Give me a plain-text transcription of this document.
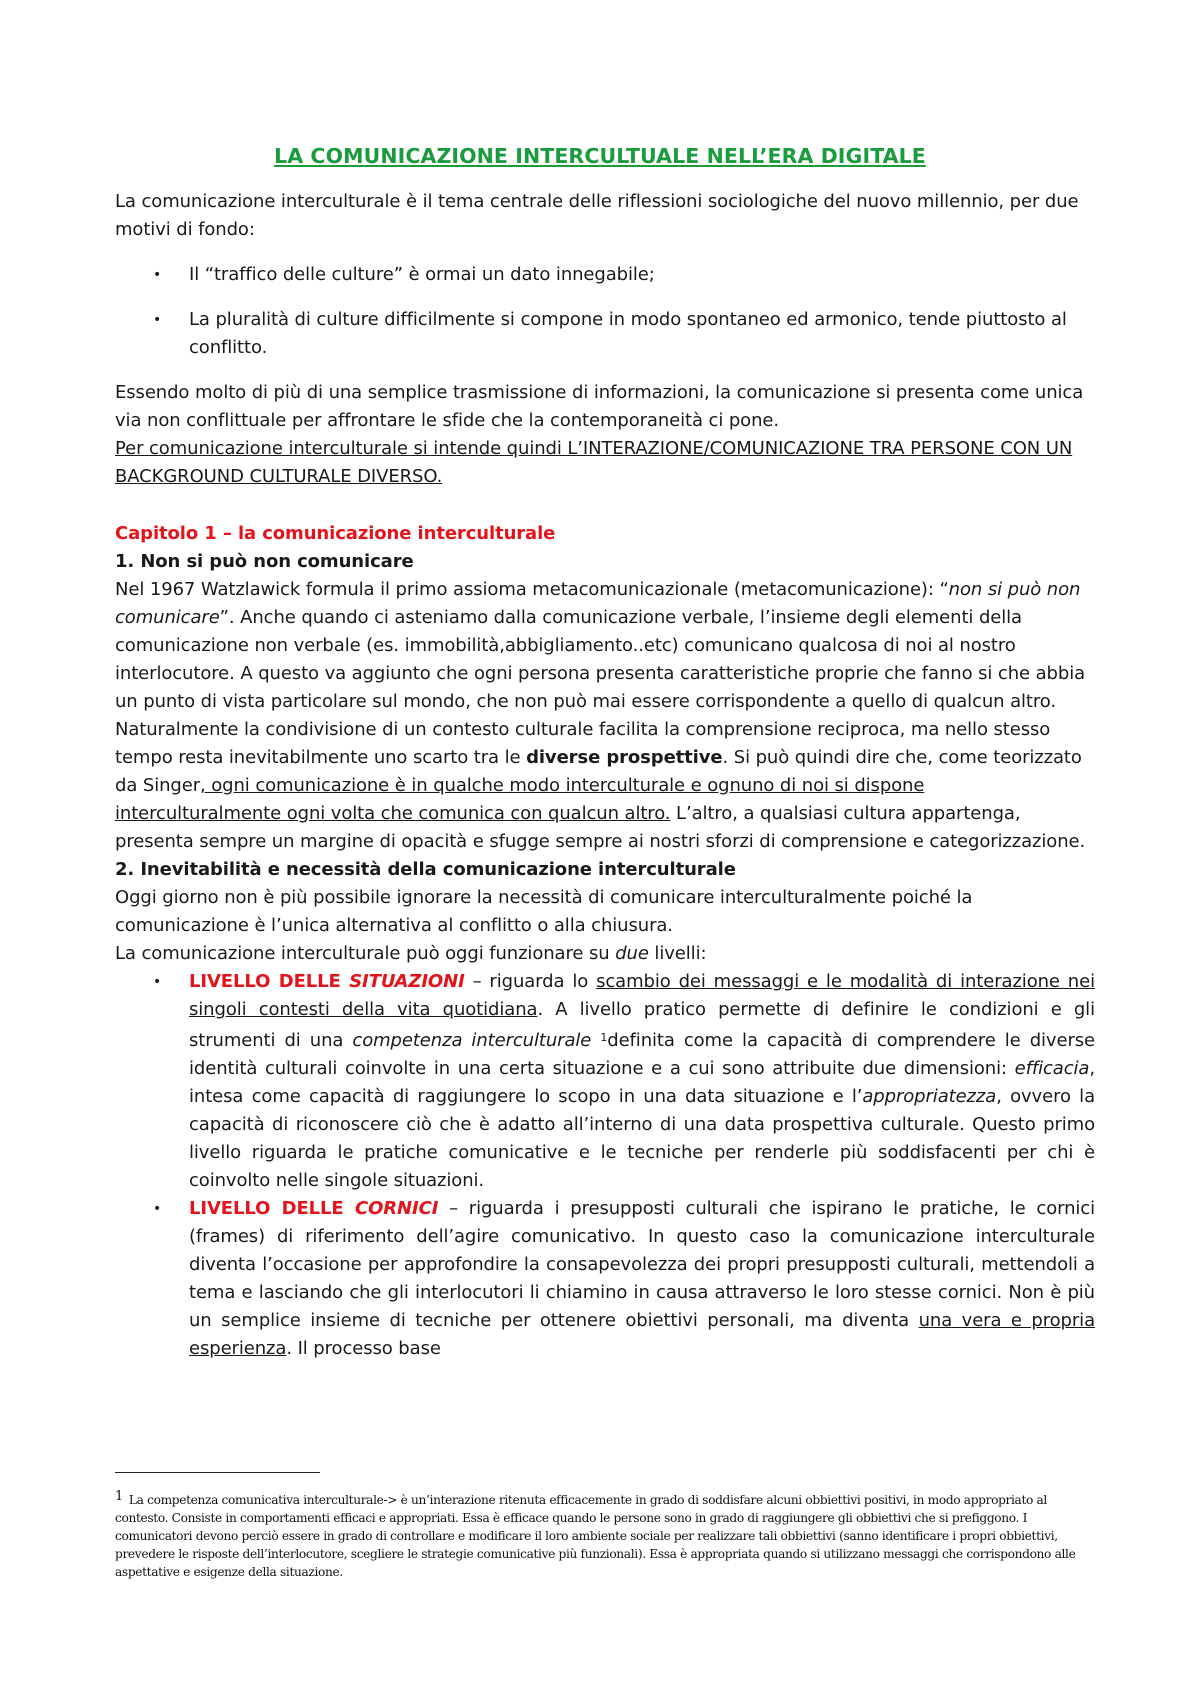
LA COMUNICAZIONE INTERCULTUALE NELL’ERA DIGITALE

La comunicazione interculturale è il tema centrale delle riflessioni sociologiche del nuovo millennio, per due motivi di fondo:

• Il “traffico delle culture” è ormai un dato innegabile;
• La pluralità di culture difficilmente si compone in modo spontaneo ed armonico, tende piuttosto al conflitto.

Essendo molto di più di una semplice trasmissione di informazioni, la comunicazione si presenta come unica via non conflittuale per affrontare le sfide che la contemporaneità ci pone.
Per comunicazione interculturale si intende quindi L’INTERAZIONE/COMUNICAZIONE TRA PERSONE CON UN BACKGROUND CULTURALE DIVERSO.

Capitolo 1 – la comunicazione interculturale

1. Non si può non comunicare

Nel 1967 Watzlawick formula il primo assioma metacomunicazionale (metacomunicazione): “non si può non comunicare”. Anche quando ci asteniamo dalla comunicazione verbale, l’insieme degli elementi della comunicazione non verbale (es. immobilità,abbigliamento..etc) comunicano qualcosa di noi al nostro interlocutore. A questo va aggiunto che ogni persona presenta caratteristiche proprie che fanno si che abbia un punto di vista particolare sul mondo, che non può mai essere corrispondente a quello di qualcun altro. Naturalmente la condivisione di un contesto culturale facilita la comprensione reciproca, ma nello stesso tempo resta inevitabilmente uno scarto tra le diverse prospettive. Si può quindi dire che, come teorizzato da Singer, ogni comunicazione è in qualche modo interculturale e ognuno di noi si dispone interculturalmente ogni volta che comunica con qualcun altro. L’altro, a qualsiasi cultura appartenga, presenta sempre un margine di opacità e sfugge sempre ai nostri sforzi di comprensione e categorizzazione.

2. Inevitabilità e necessità della comunicazione interculturale

Oggi giorno non è più possibile ignorare la necessità di comunicare interculturalmente poiché la comunicazione è l’unica alternativa al conflitto o alla chiusura.

La comunicazione interculturale può oggi funzionare su due livelli:

• LIVELLO DELLE SITUAZIONI – riguarda lo scambio dei messaggi e le modalità di interazione nei singoli contesti della vita quotidiana. A livello pratico permette di definire le condizioni e gli strumenti di una competenza interculturale $^1$definita come la capacità di comprendere le diverse identità culturali coinvolte in una certa situazione e a cui sono attribuite due dimensioni: efficacia, intesa come capacità di raggiungere lo scopo in una data situazione e l’appropriatezza, ovvero la capacità di riconoscere ciò che è adatto all’interno di una data prospettiva culturale. Questo primo livello riguarda le pratiche comunicative e le tecniche per renderle più soddisfacenti per chi è coinvolto nelle singole situazioni.
• LIVELLO DELLE CORNICI – riguarda i presupposti culturali che ispirano le pratiche, le cornici (frames) di riferimento dell’agire comunicativo. In questo caso la comunicazione interculturale diventa l’occasione per approfondire la consapevolezza dei propri presupposti culturali, mettendoli a tema e lasciando che gli interlocutori li chiamino in causa attraverso le loro stesse cornici. Non è più un semplice insieme di tecniche per ottenere obiettivi personali, ma diventa una vera e propria esperienza. Il processo base
1 La competenza comunicativa interculturale-> è un’interazione ritenuta efficacemente in grado di soddisfare alcuni obbiettivi positivi, in modo appropriato al contesto. Consiste in comportamenti efficaci e appropriati. Essa è efficace quando le persone sono in grado di raggiungere gli obbiettivi che si prefiggono. I comunicatori devono perciò essere in grado di controllare e modificare il loro ambiente sociale per realizzare tali obbiettivi (sanno identificare i propri obbiettivi, prevedere le risposte dell’interlocutore, scegliere le strategie comunicative più funzionali). Essa è appropriata quando si utilizzano messaggi che corrispondono alle aspettative e esigenze della situazione.
